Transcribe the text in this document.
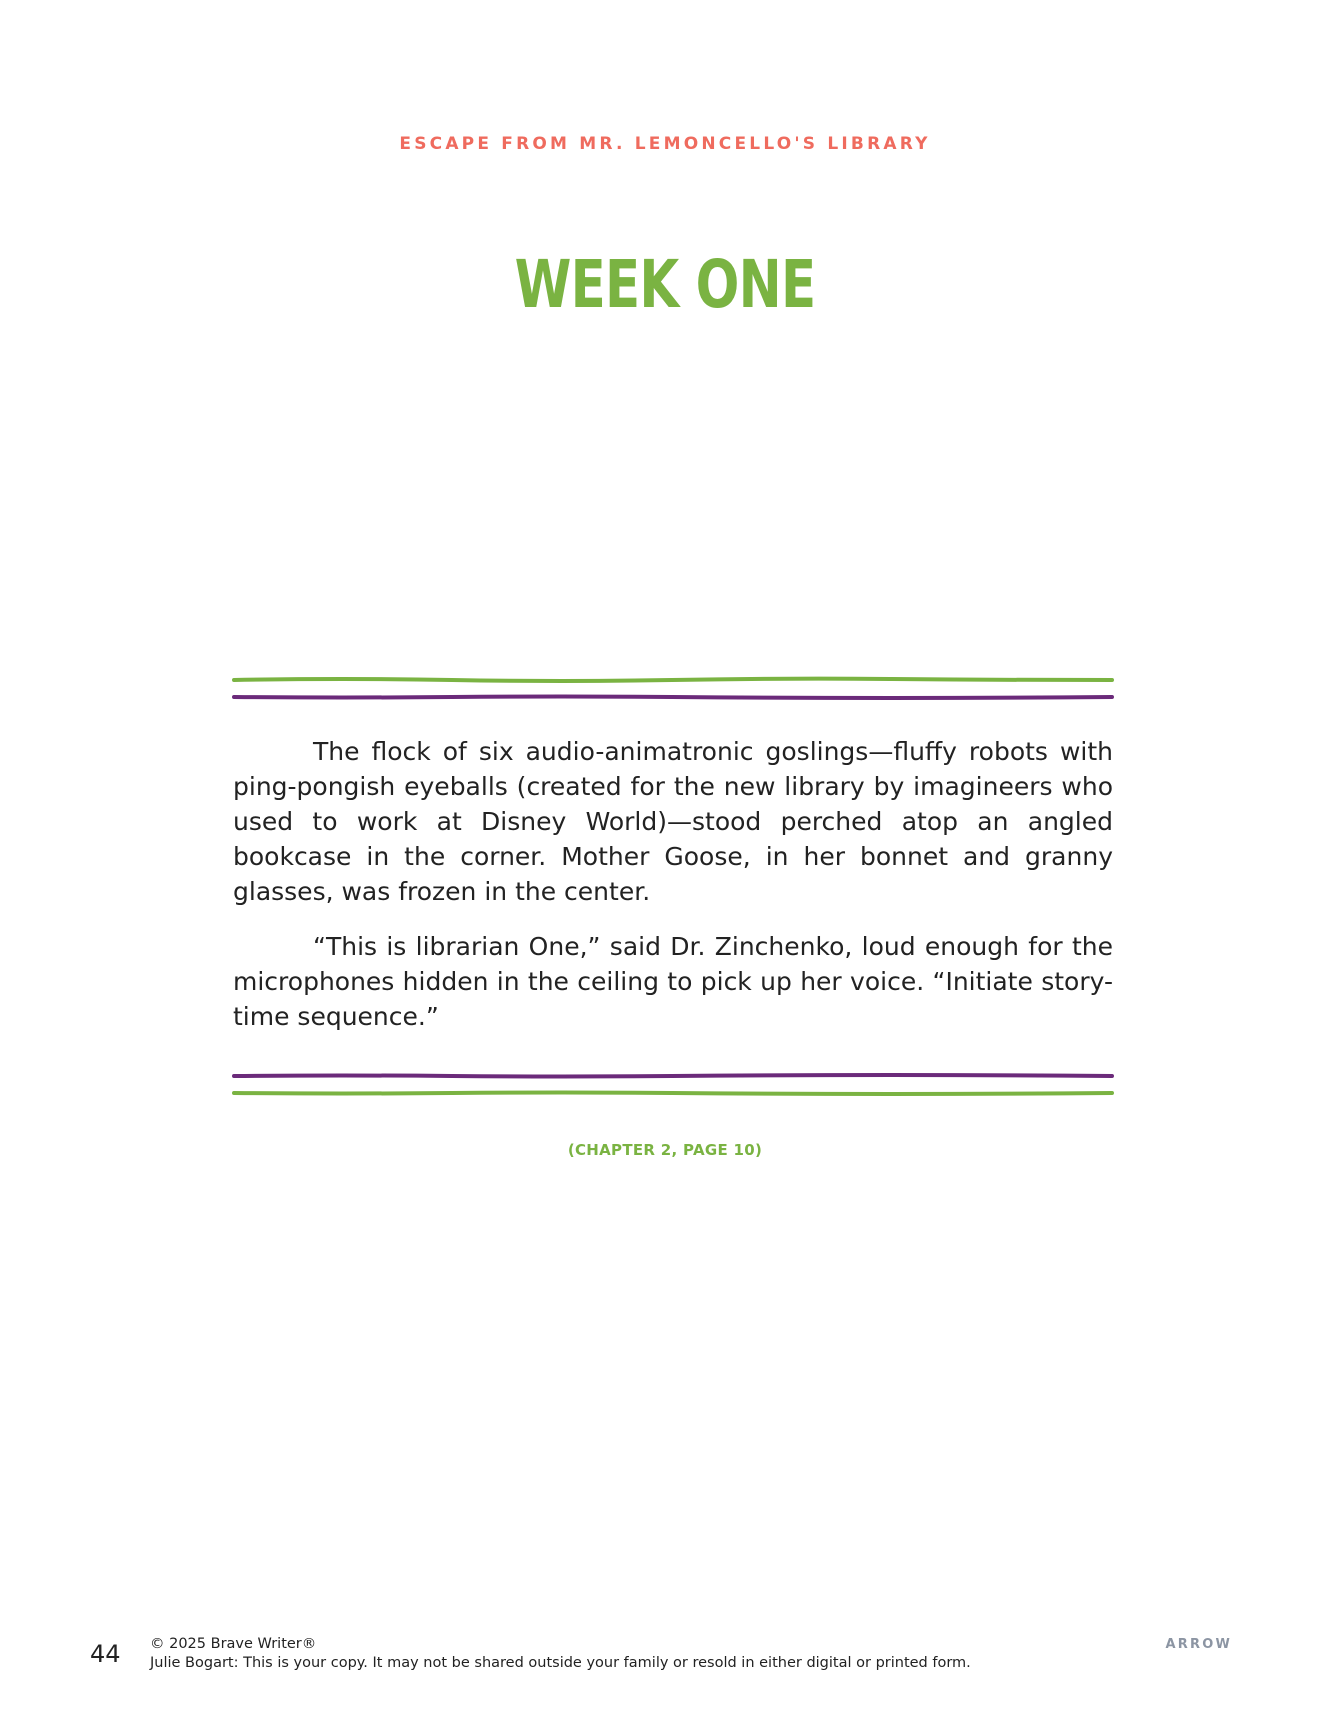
ESCAPE FROM MR. LEMONCELLO'S LIBRARY
WEEK ONE

The flock of six audio-animatronic goslings—fluffy robots with ping-pongish eyeballs (created for the new library by imagineers who used to work at Disney World)—stood perched atop an angled bookcase in the corner. Mother Goose, in her bonnet and granny glasses, was frozen in the center.

“This is librarian One,” said Dr. Zinchenko, loud enough for the microphones hidden in the ceiling to pick up her voice. “Initiate story-time sequence.”

(CHAPTER 2, PAGE 10)
44 © 2025 Brave Writer®
Julie Bogart: This is your copy. It may not be shared outside your family or resold in either digital or printed form.
ARROW
